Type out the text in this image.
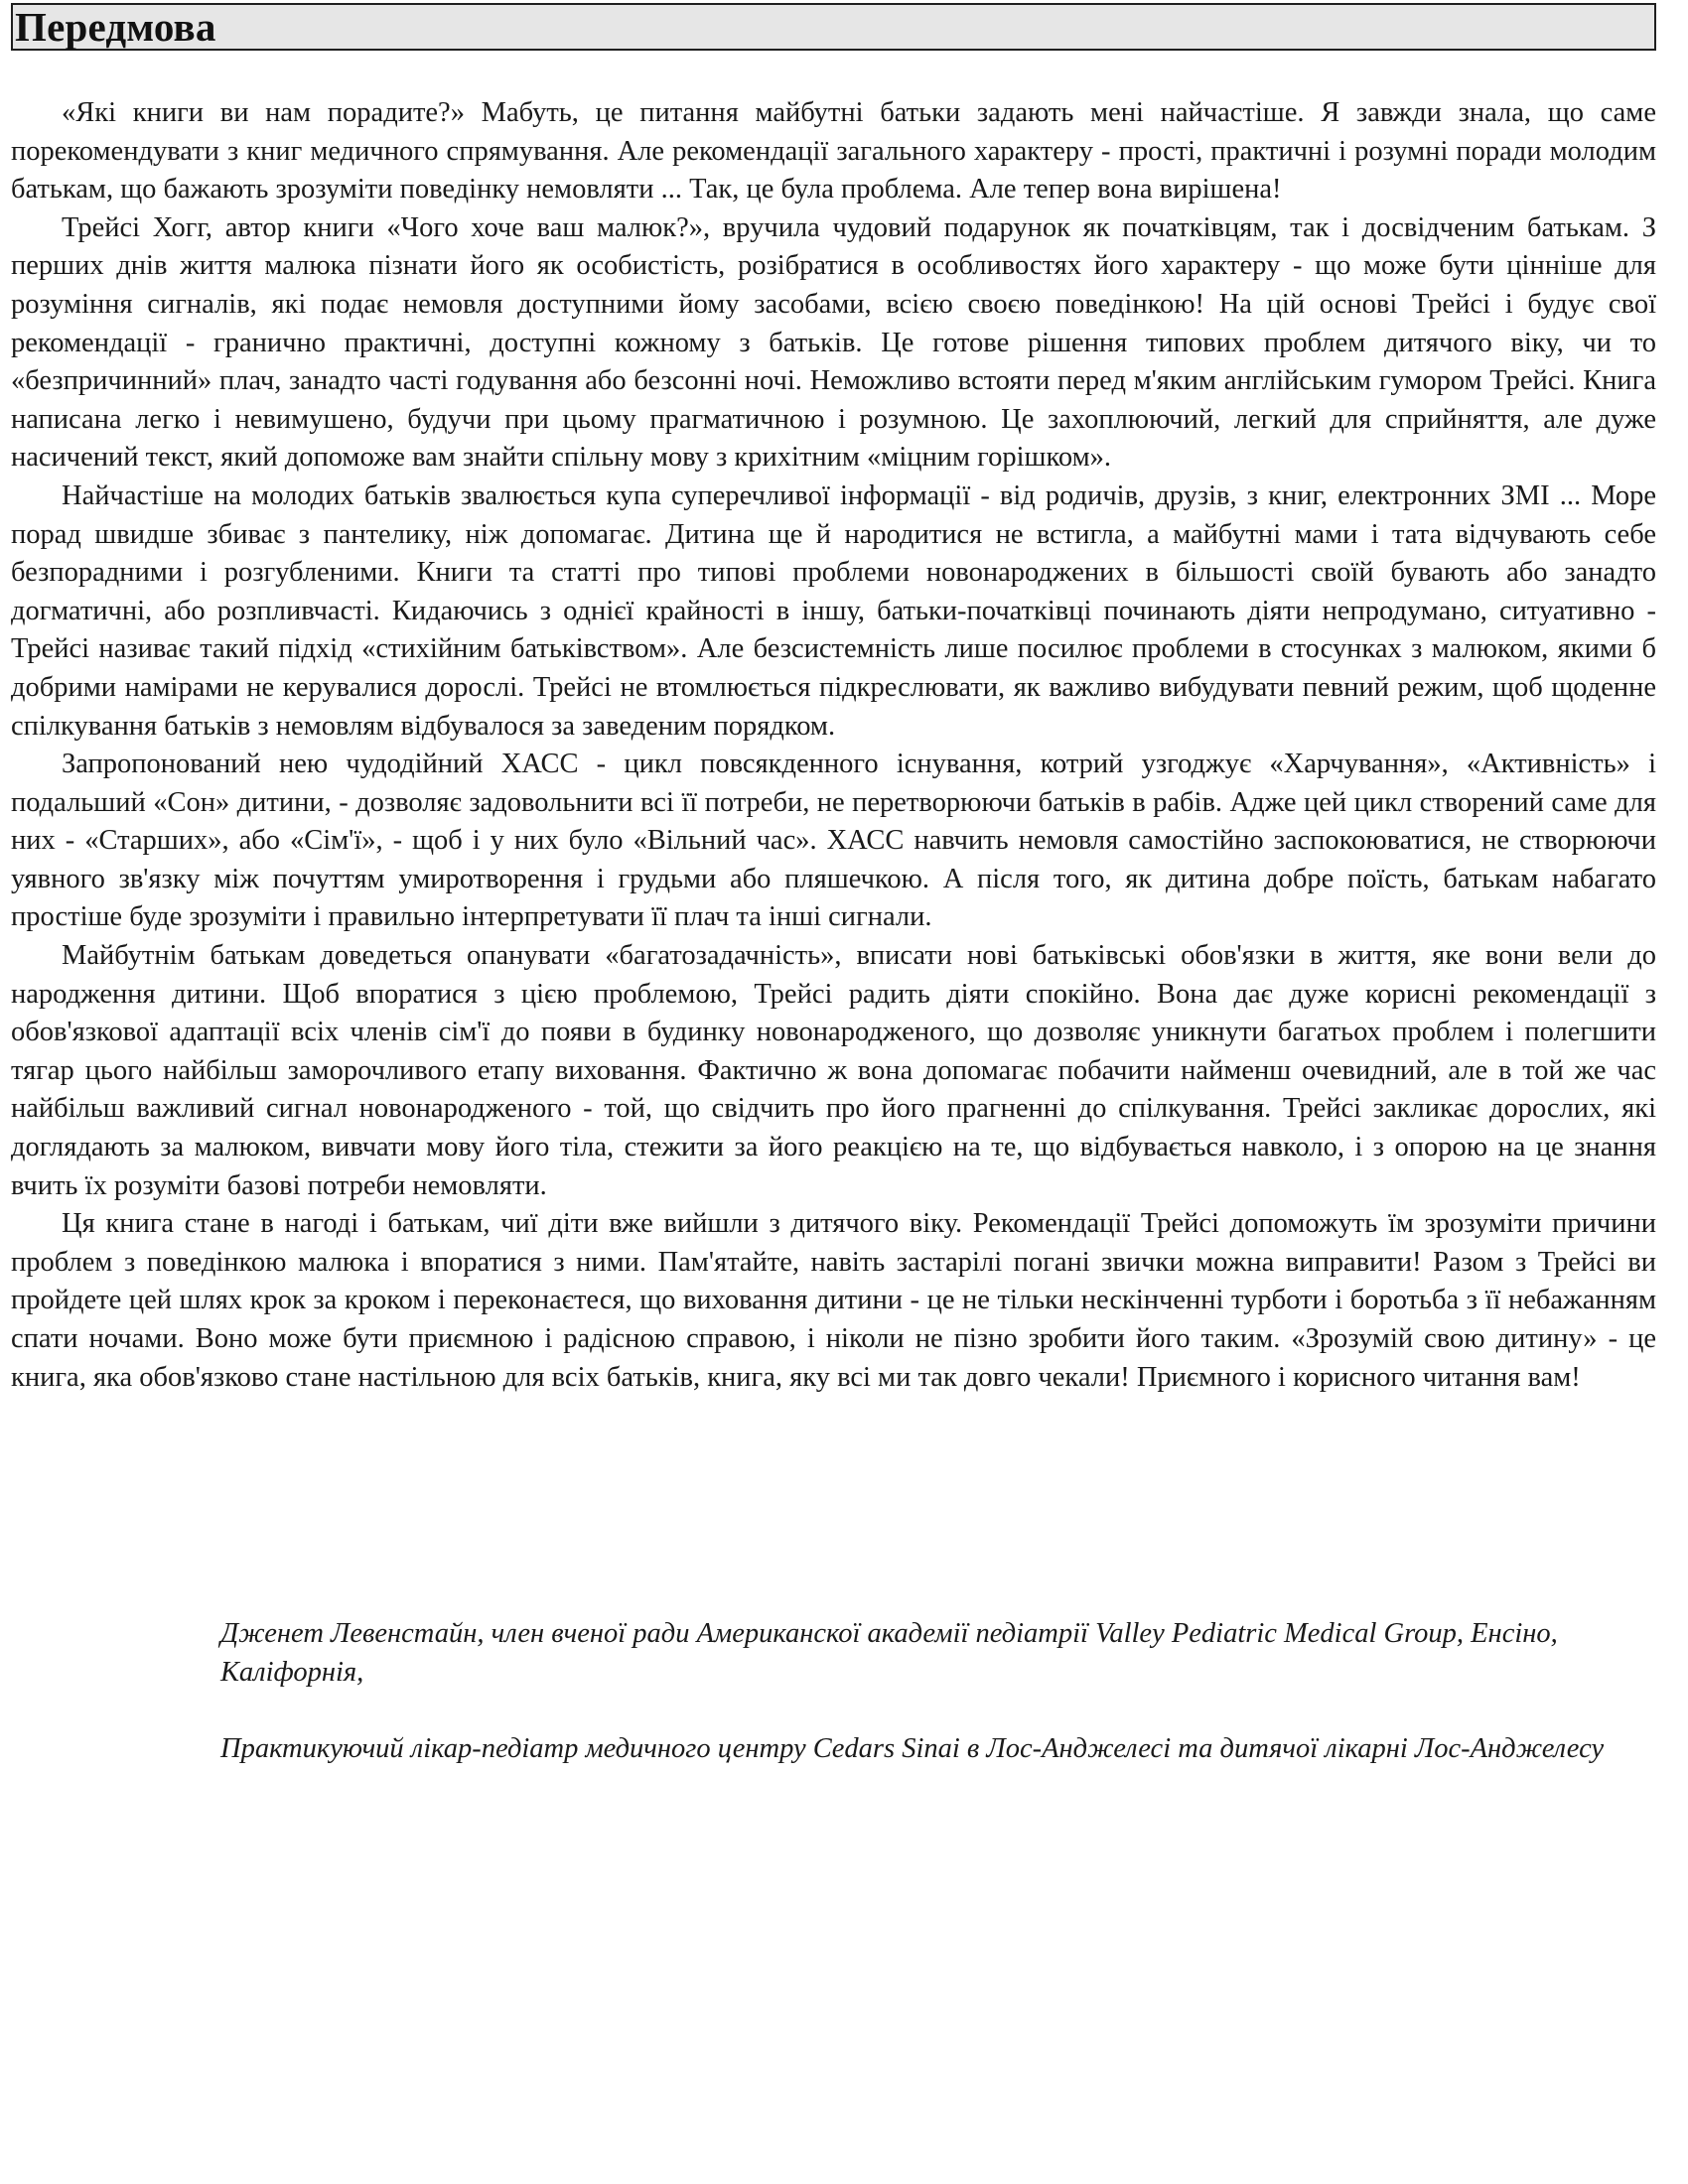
Передмова

«Які книги ви нам порадите?» Мабуть, це питання майбутні батьки задають мені найчастіше. Я завжди знала, що саме порекомендувати з книг медичного спрямування. Але рекомендації загального характеру - прості, практичні і розумні поради молодим батькам, що бажають зрозуміти поведінку немовляти ... Так, це була проблема. Але тепер вона вирішена!

Трейсі Хогг, автор книги «Чого хоче ваш малюк?», вручила чудовий подарунок як початківцям, так і досвідченим батькам. З перших днів життя малюка пізнати його як особистість, розібратися в особливостях його характеру - що може бути цінніше для розуміння сигналів, які подає немовля доступними йому засобами, всією своєю поведінкою! На цій основі Трейсі і будує свої рекомендації - гранично практичні, доступні кожному з батьків. Це готове рішення типових проблем дитячого віку, чи то «безпричинний» плач, занадто часті годування або безсонні ночі. Неможливо встояти перед м'яким англійським гумором Трейсі. Книга написана легко і невимушено, будучи при цьому прагматичною і розумною. Це захоплюючий, легкий для сприйняття, але дуже насичений текст, який допоможе вам знайти спільну мову з крихітним «міцним горішком».

Найчастіше на молодих батьків звалюється купа суперечливої інформації - від родичів, друзів, з книг, електронних ЗМІ ... Море порад швидше збиває з пантелику, ніж допомагає. Дитина ще й народитися не встигла, а майбутні мами і тата відчувають себе безпорадними і розгубленими. Книги та статті про типові проблеми новонароджених в більшості своїй бувають або занадто догматичні, або розпливчасті. Кидаючись з однієї крайності в іншу, батьки-початківці починають діяти непродумано, ситуативно - Трейсі називає такий підхід «стихійним батьківством». Але безсистемність лише посилює проблеми в стосунках з малюком, якими б добрими намірами не керувалися дорослі. Трейсі не втомлюється підкреслювати, як важливо вибудувати певний режим, щоб щоденне спілкування батьків з немовлям відбувалося за заведеним порядком.

Запропонований нею чудодійний ХАСС - цикл повсякденного існування, котрий узгоджує «Харчування», «Активність» і подальший «Сон» дитини, - дозволяє задовольнити всі її потреби, не перетворюючи батьків в рабів. Адже цей цикл створений саме для них - «Старших», або «Сім'ї», - щоб і у них було «Вільний час». ХАСС навчить немовля самостійно заспокоюватися, не створюючи уявного зв'язку між почуттям умиротворення і грудьми або пляшечкою. А після того, як дитина добре поїсть, батькам набагато простіше буде зрозуміти і правильно інтерпретувати її плач та інші сигнали.

Майбутнім батькам доведеться опанувати «багатозадачність», вписати нові батьківські обов'язки в життя, яке вони вели до народження дитини. Щоб впоратися з цією проблемою, Трейсі радить діяти спокійно. Вона дає дуже корисні рекомендації з обов'язкової адаптації всіх членів сім'ї до появи в будинку новонародженого, що дозволяє уникнути багатьох проблем і полегшити тягар цього найбільш заморочливого етапу виховання. Фактично ж вона допомагає побачити найменш очевидний, але в той же час найбільш важливий сигнал новонародженого - той, що свідчить про його прагненні до спілкування. Трейсі закликає дорослих, які доглядають за малюком, вивчати мову його тіла, стежити за його реакцією на те, що відбувається навколо, і з опорою на це знання вчить їх розуміти базові потреби немовляти.

Ця книга стане в нагоді і батькам, чиї діти вже вийшли з дитячого віку. Рекомендації Трейсі допоможуть їм зрозуміти причини проблем з поведінкою малюка і впоратися з ними. Пам'ятайте, навіть застарілі погані звички можна виправити! Разом з Трейсі ви пройдете цей шлях крок за кроком і переконаєтеся, що виховання дитини - це не тільки нескінченні турботи і боротьба з її небажанням спати ночами. Воно може бути приємною і радісною справою, і ніколи не пізно зробити його таким. «Зрозумій свою дитину» - це книга, яка обов'язково стане настільною для всіх батьків, книга, яку всі ми так довго чекали! Приємного і корисного читання вам!

Дженет Левенстайн, член вченої ради Американскої академії педіатрії Valley Pediatric Medical Group, Енсіно, Каліфорнія,

Практикуючий лікар-педіатр медичного центру Cedars Sinai в Лос-Анджелесі та дитячої лікарні Лос-Анджелесу
